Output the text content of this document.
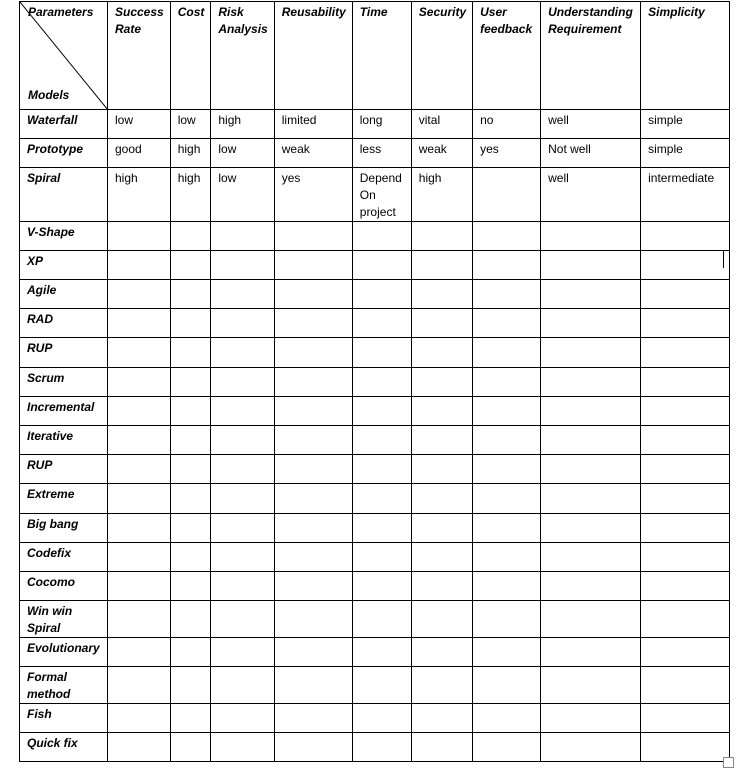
Parameters
Models	Success Rate	Cost	Risk Analysis	Reusability	Time	Security	User feedback	Understanding Requirement	Simplicity
Waterfall	low	low	high	limited	long	vital	no	well	simple
Prototype	good	high	low	weak	less	weak	yes	Not well	simple
Spiral	high	high	low	yes	Depend On project	high		well	intermediate
V-Shape									
XP									
Agile									
RAD									
RUP									
Scrum									
Incremental									
Iterative									
RUP									
Extreme									
Big bang									
Codefix									
Cocomo									
Win win Spiral									
Evolutionary									
Formal method									
Fish									
Quick fix									
